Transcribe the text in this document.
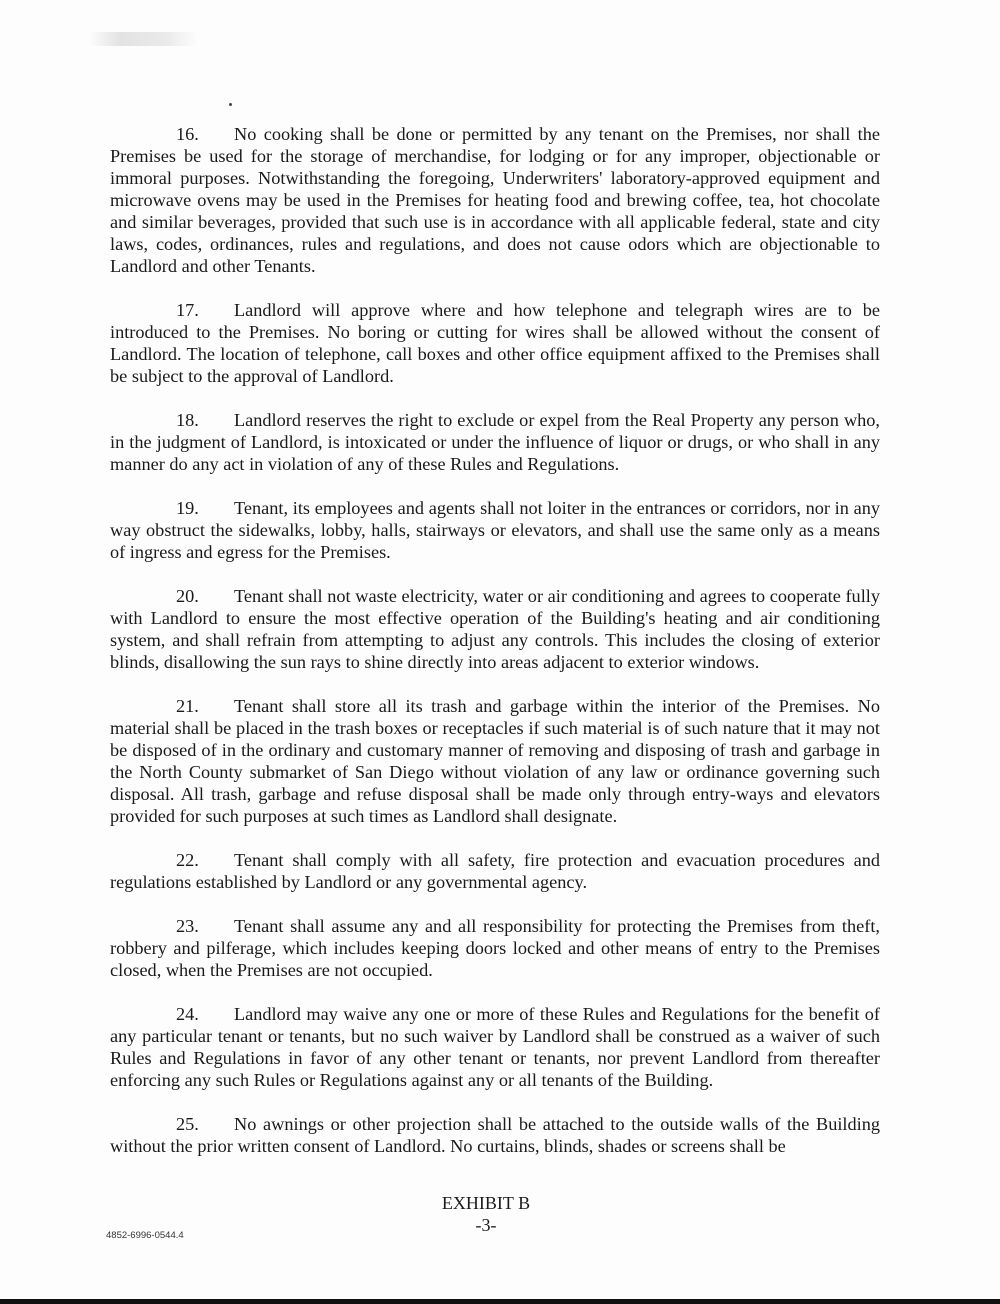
16. No cooking shall be done or permitted by any tenant on the Premises, nor shall the Premises be used for the storage of merchandise, for lodging or for any improper, objectionable or immoral purposes. Notwithstanding the foregoing, Underwriters' laboratory-approved equipment and microwave ovens may be used in the Premises for heating food and brewing coffee, tea, hot chocolate and similar beverages, provided that such use is in accordance with all applicable federal, state and city laws, codes, ordinances, rules and regulations, and does not cause odors which are objectionable to Landlord and other Tenants.

17. Landlord will approve where and how telephone and telegraph wires are to be introduced to the Premises. No boring or cutting for wires shall be allowed without the consent of Landlord. The location of telephone, call boxes and other office equipment affixed to the Premises shall be subject to the approval of Landlord.

18. Landlord reserves the right to exclude or expel from the Real Property any person who, in the judgment of Landlord, is intoxicated or under the influence of liquor or drugs, or who shall in any manner do any act in violation of any of these Rules and Regulations.

19. Tenant, its employees and agents shall not loiter in the entrances or corridors, nor in any way obstruct the sidewalks, lobby, halls, stairways or elevators, and shall use the same only as a means of ingress and egress for the Premises.

20. Tenant shall not waste electricity, water or air conditioning and agrees to cooperate fully with Landlord to ensure the most effective operation of the Building's heating and air conditioning system, and shall refrain from attempting to adjust any controls. This includes the closing of exterior blinds, disallowing the sun rays to shine directly into areas adjacent to exterior windows.

21. Tenant shall store all its trash and garbage within the interior of the Premises. No material shall be placed in the trash boxes or receptacles if such material is of such nature that it may not be disposed of in the ordinary and customary manner of removing and disposing of trash and garbage in the North County submarket of San Diego without violation of any law or ordinance governing such disposal. All trash, garbage and refuse disposal shall be made only through entry-ways and elevators provided for such purposes at such times as Landlord shall designate.

22. Tenant shall comply with all safety, fire protection and evacuation procedures and regulations established by Landlord or any governmental agency.

23. Tenant shall assume any and all responsibility for protecting the Premises from theft, robbery and pilferage, which includes keeping doors locked and other means of entry to the Premises closed, when the Premises are not occupied.

24. Landlord may waive any one or more of these Rules and Regulations for the benefit of any particular tenant or tenants, but no such waiver by Landlord shall be construed as a waiver of such Rules and Regulations in favor of any other tenant or tenants, nor prevent Landlord from thereafter enforcing any such Rules or Regulations against any or all tenants of the Building.

25. No awnings or other projection shall be attached to the outside walls of the Building without the prior written consent of Landlord. No curtains, blinds, shades or screens shall be

EXHIBIT B
-3-
4852-6996-0544.4
